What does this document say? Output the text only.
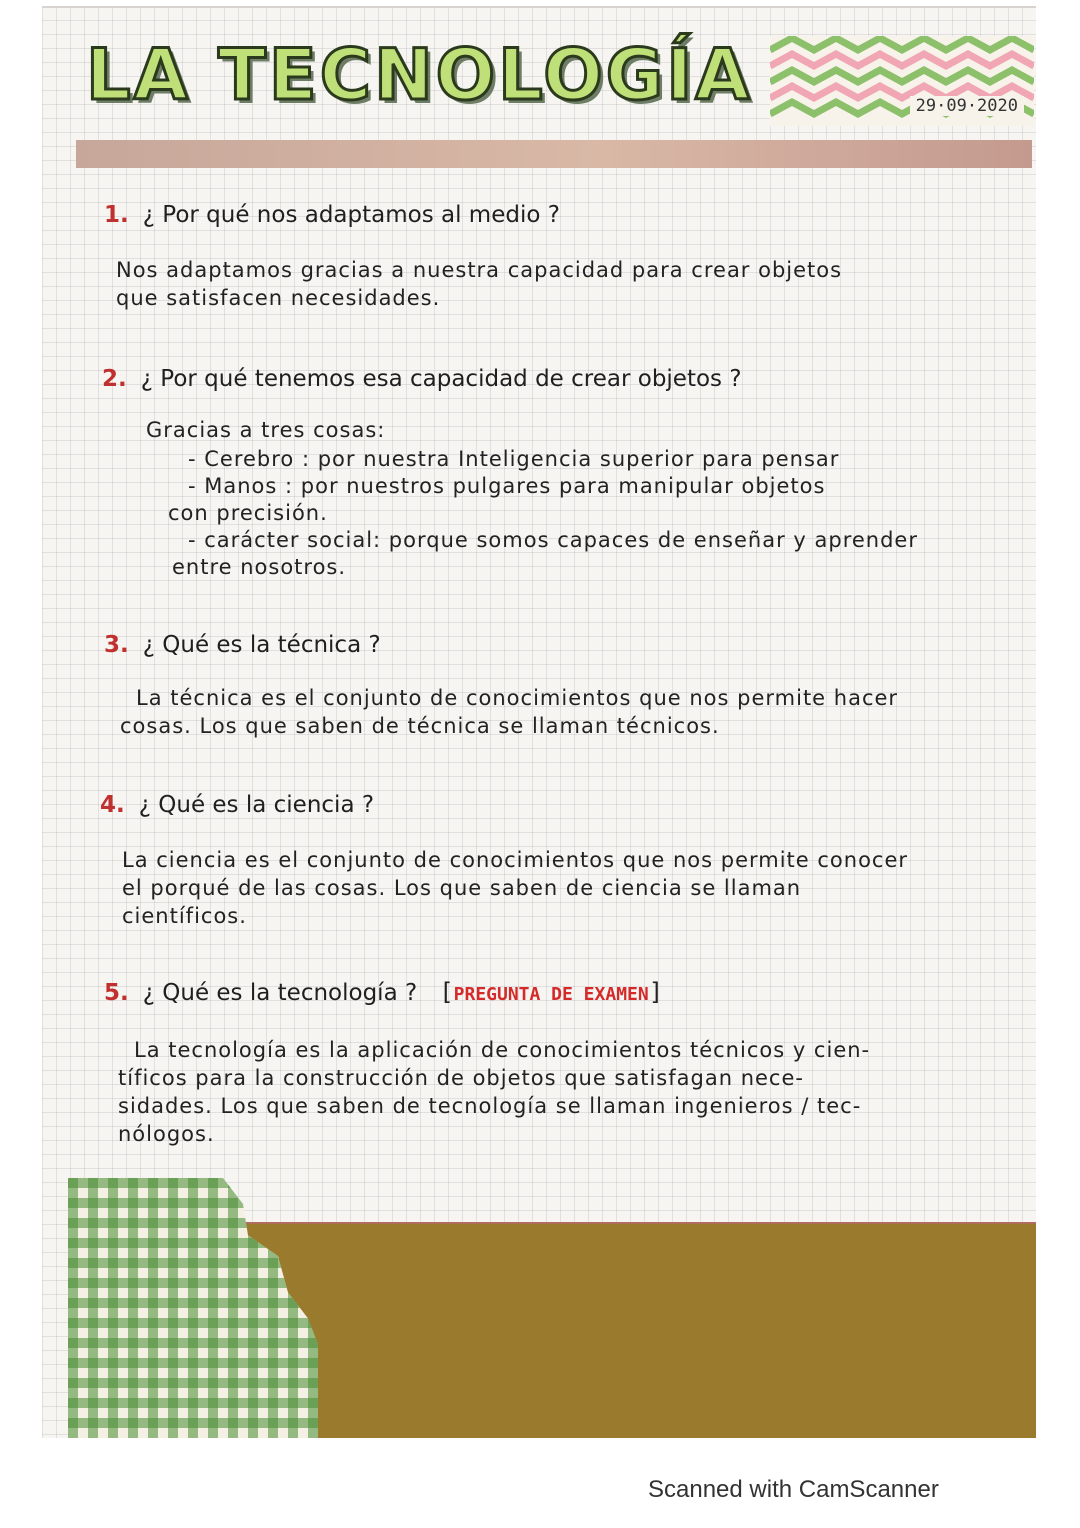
LA TECNOLOGÍA	29·09·2020

1. ¿ Por qué nos adaptamos al medio ?

Nos adaptamos gracias a nuestra capacidad para crear objetos

que satisfacen necesidades.

2. ¿ Por qué tenemos esa capacidad de crear objetos ?

Gracias a tres cosas:

- Cerebro : por nuestra Inteligencia superior para pensar
- Manos : por nuestros pulgares para manipular objetos
con precisión.
- carácter social: porque somos capaces de enseñar y aprender
entre nosotros.

3. ¿ Qué es la técnica ?

La técnica es el conjunto de conocimientos que nos permite hacer

cosas. Los que saben de técnica se llaman técnicos.

4. ¿ Qué es la ciencia ?

La ciencia es el conjunto de conocimientos que nos permite conocer

el porqué de las cosas. Los que saben de ciencia se llaman

científicos.

5. ¿ Qué es la tecnología ? [PREGUNTA DE EXAMEN]

La tecnología es la aplicación de conocimientos técnicos y cien-

tíficos para la construcción de objetos que satisfagan nece-

sidades. Los que saben de tecnología se llaman ingenieros / tec-

nólogos.

Scanned with CamScanner
